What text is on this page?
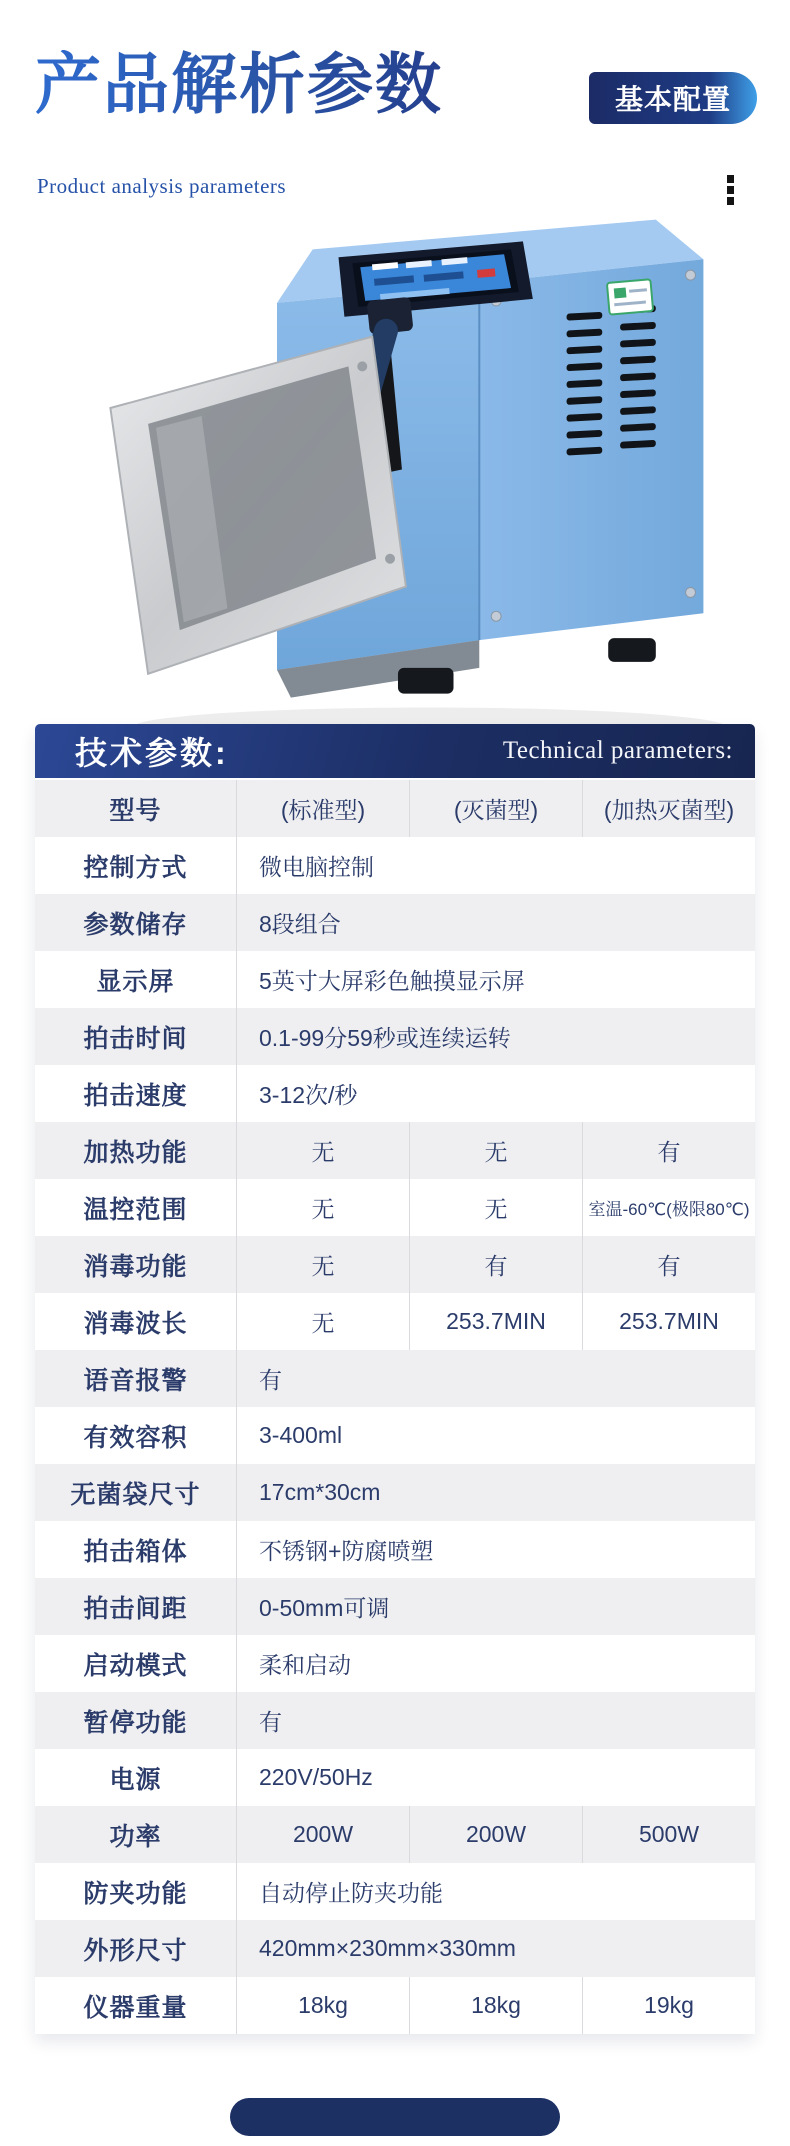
产品解析参数	基本配置
Product analysis parameters
技术参数:	Technical parameters:
型号	(标准型)	(灭菌型)	(加热灭菌型)
控制方式	微电脑控制
参数储存	8段组合
显示屏	5英寸大屏彩色触摸显示屏
拍击时间	0.1-99分59秒或连续运转
拍击速度	3-12次/秒
加热功能	无	无	有
温控范围	无	无	室温-60℃(极限80℃)
消毒功能	无	有	有
消毒波长	无	253.7MIN	253.7MIN
语音报警	有
有效容积	3-400ml
无菌袋尺寸	17cm*30cm
拍击箱体	不锈钢+防腐喷塑
拍击间距	0-50mm可调
启动模式	柔和启动
暂停功能	有
电源	220V/50Hz
功率	200W	200W	500W
防夹功能	自动停止防夹功能
外形尺寸	420mm×230mm×330mm
仪器重量	18kg	18kg	19kg
